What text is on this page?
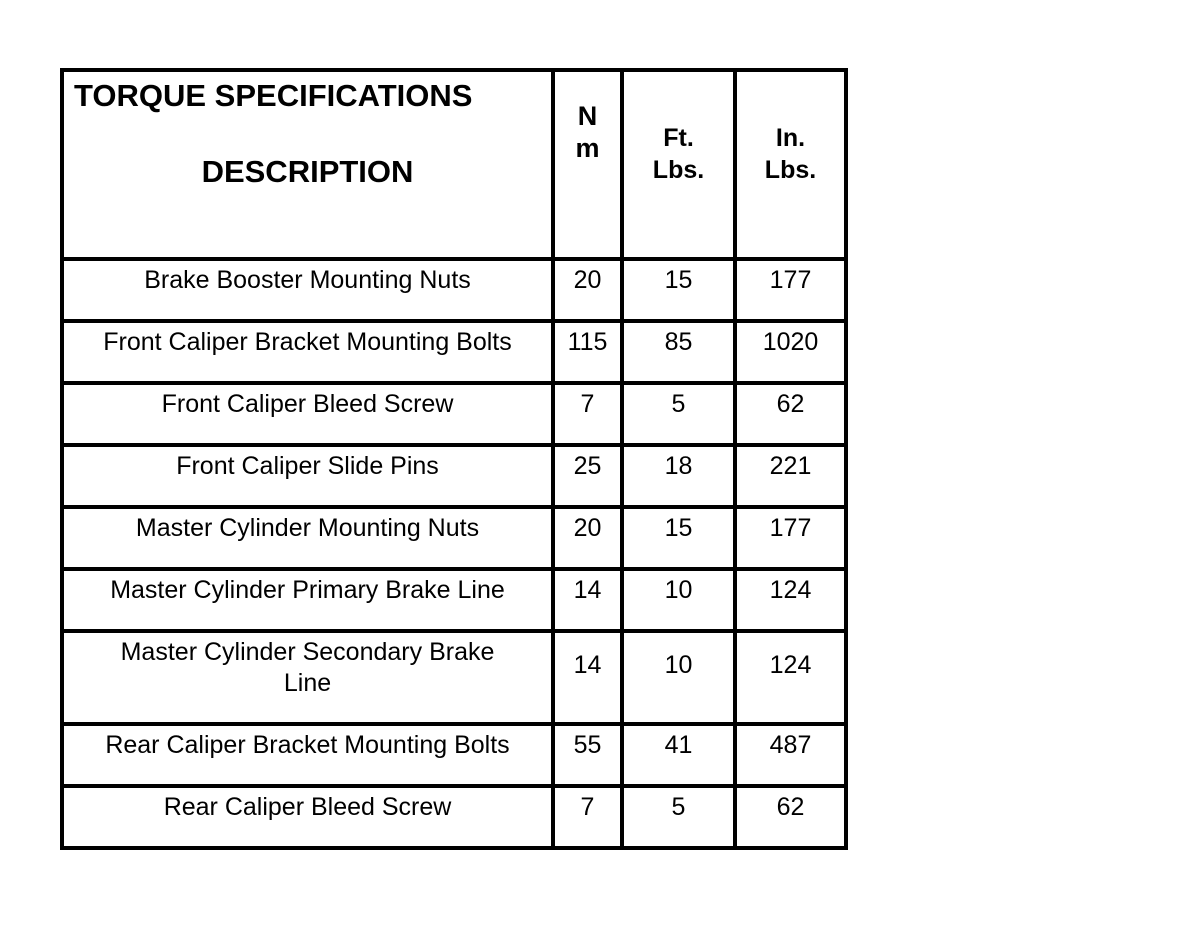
TORQUE SPECIFICATIONS
DESCRIPTION	N m	Ft. Lbs.	In. Lbs.

Brake Booster Mounting Nuts	20	15	177

Front Caliper Bracket Mounting Bolts	115	85	1020

Front Caliper Bleed Screw	7	5	62

Front Caliper Slide Pins	25	18	221

Master Cylinder Mounting Nuts	20	15	177

Master Cylinder Primary Brake Line	14	10	124

Master Cylinder Secondary Brake Line	14	10	124

Rear Caliper Bracket Mounting Bolts	55	41	487

Rear Caliper Bleed Screw	7	5	62
